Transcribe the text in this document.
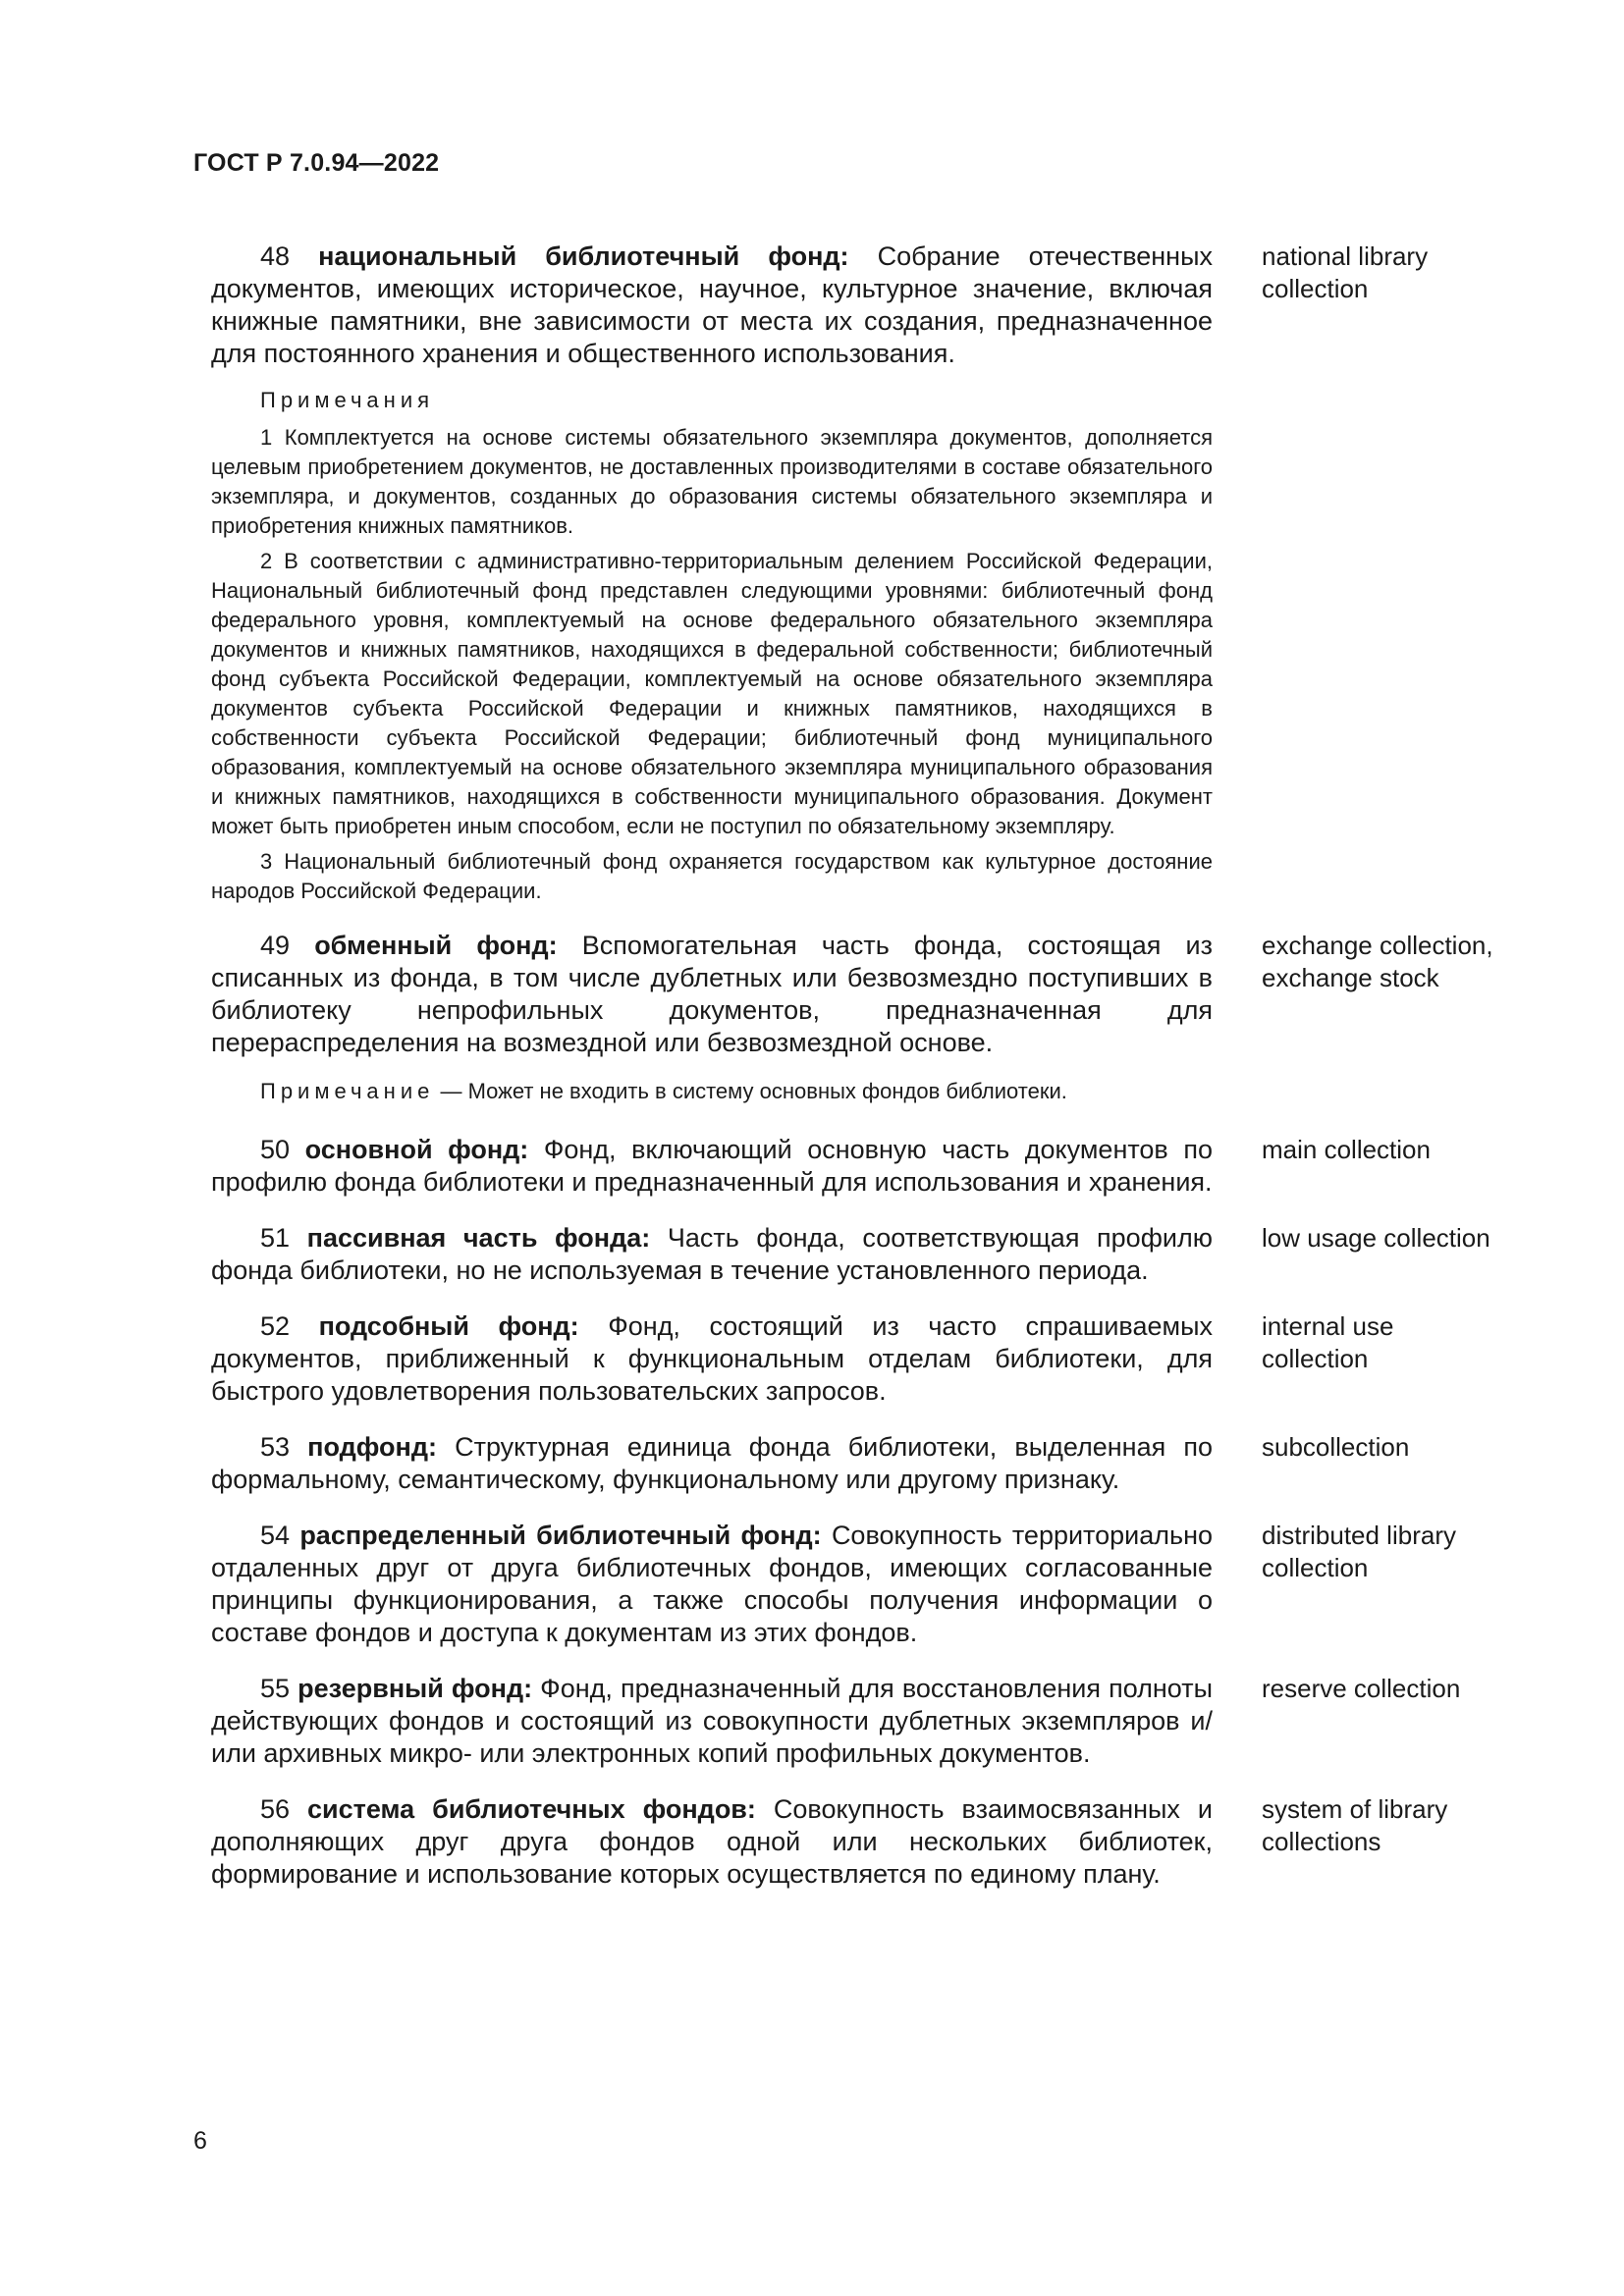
ГОСТ Р 7.0.94—2022
48 национальный библиотечный фонд: Собрание отечественных документов, имеющих историческое, научное, культурное значение, включая книжные памятники, вне зависимости от места их создания, предназначенное для постоянного хранения и общественного использования.
national library
collection
Примечания
1 Комплектуется на основе системы обязательного экземпляра документов, дополняется целевым приобретением документов, не доставленных производителями в составе обязательного экземпляра, и документов, созданных до образования системы обязательного экземпляра и приобретения книжных памятников.
2 В соответствии с административно-территориальным делением Российской Федерации, Национальный библиотечный фонд представлен следующими уровнями: библиотечный фонд федерального уровня, комплектуемый на основе федерального обязательного экземпляра документов и книжных памятников, находящихся в федеральной собственности; библиотечный фонд субъекта Российской Федерации, комплектуемый на основе обязательного экземпляра документов субъекта Российской Федерации и книжных памятников, находящихся в собственности субъекта Российской Федерации; библиотечный фонд муниципального образования, комплектуемый на основе обязательного экземпляра муниципального образования и книжных памятников, находящихся в собственности муниципального образования. Документ может быть приобретен иным способом, если не поступил по обязательному экземпляру.
3 Национальный библиотечный фонд охраняется государством как культурное достояние народов Российской Федерации.
49 обменный фонд: Вспомогательная часть фонда, состоящая из списанных из фонда, в том числе дублетных или безвозмездно поступивших в библиотеку непрофильных документов, предназначенная для перераспределения на возмездной или безвозмездной основе.
exchange collection,
exchange stock
Примечание — Может не входить в систему основных фондов библиотеки.
50 основной фонд: Фонд, включающий основную часть документов по профилю фонда библиотеки и предназначенный для использования и хранения.
main collection
51 пассивная часть фонда: Часть фонда, соответствующая профилю фонда библиотеки, но не используемая в течение установленного периода.
low usage collection
52 подсобный фонд: Фонд, состоящий из часто спрашиваемых документов, приближенный к функциональным отделам библиотеки, для быстрого удовлетворения пользовательских запросов.
internal use
collection
53 подфонд: Структурная единица фонда библиотеки, выделенная по формальному, семантическому, функциональному или другому признаку.
subcollection
54 распределенный библиотечный фонд: Совокупность территориально отдаленных друг от друга библиотечных фондов, имеющих согласованные принципы функционирования, а также способы получения информации о составе фондов и доступа к документам из этих фондов.
distributed library
collection
55 резервный фонд: Фонд, предназначенный для восстановления полноты действующих фондов и состоящий из совокупности дублетных экземпляров и/или архивных микро- или электронных копий профильных документов.
reserve collection
56 система библиотечных фондов: Совокупность взаимосвязанных и дополняющих друг друга фондов одной или нескольких библиотек, формирование и использование которых осуществляется по единому плану.
system of library
collections
6
